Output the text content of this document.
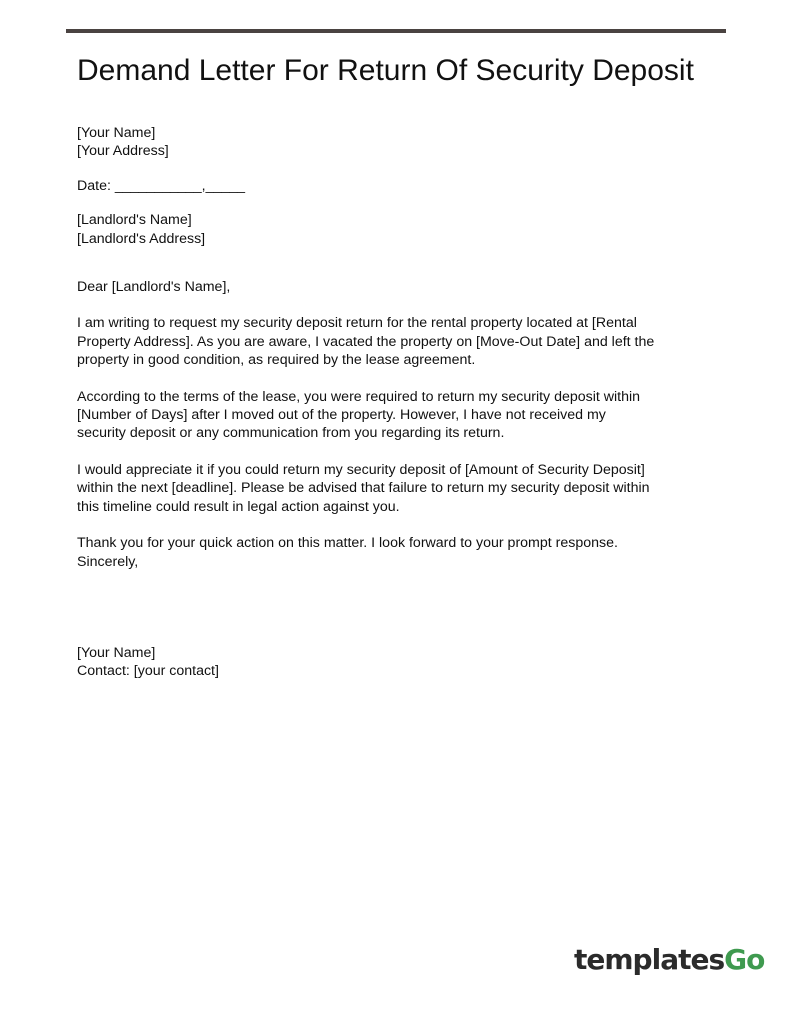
Demand Letter For Return Of Security Deposit
[Your Name]
[Your Address]
Date: ___________,_____
[Landlord's Name]
[Landlord's Address]
Dear [Landlord's Name],

I am writing to request my security deposit return for the rental property located at [Rental
Property Address]. As you are aware, I vacated the property on [Move-Out Date] and left the
property in good condition, as required by the lease agreement.

According to the terms of the lease, you were required to return my security deposit within
[Number of Days] after I moved out of the property. However, I have not received my
security deposit or any communication from you regarding its return.

I would appreciate it if you could return my security deposit of [Amount of Security Deposit]
within the next [deadline]. Please be advised that failure to return my security deposit within
this timeline could result in legal action against you.

Thank you for your quick action on this matter. I look forward to your prompt response.
Sincerely,
[Your Name]
Contact: [your contact]
templatesGo
